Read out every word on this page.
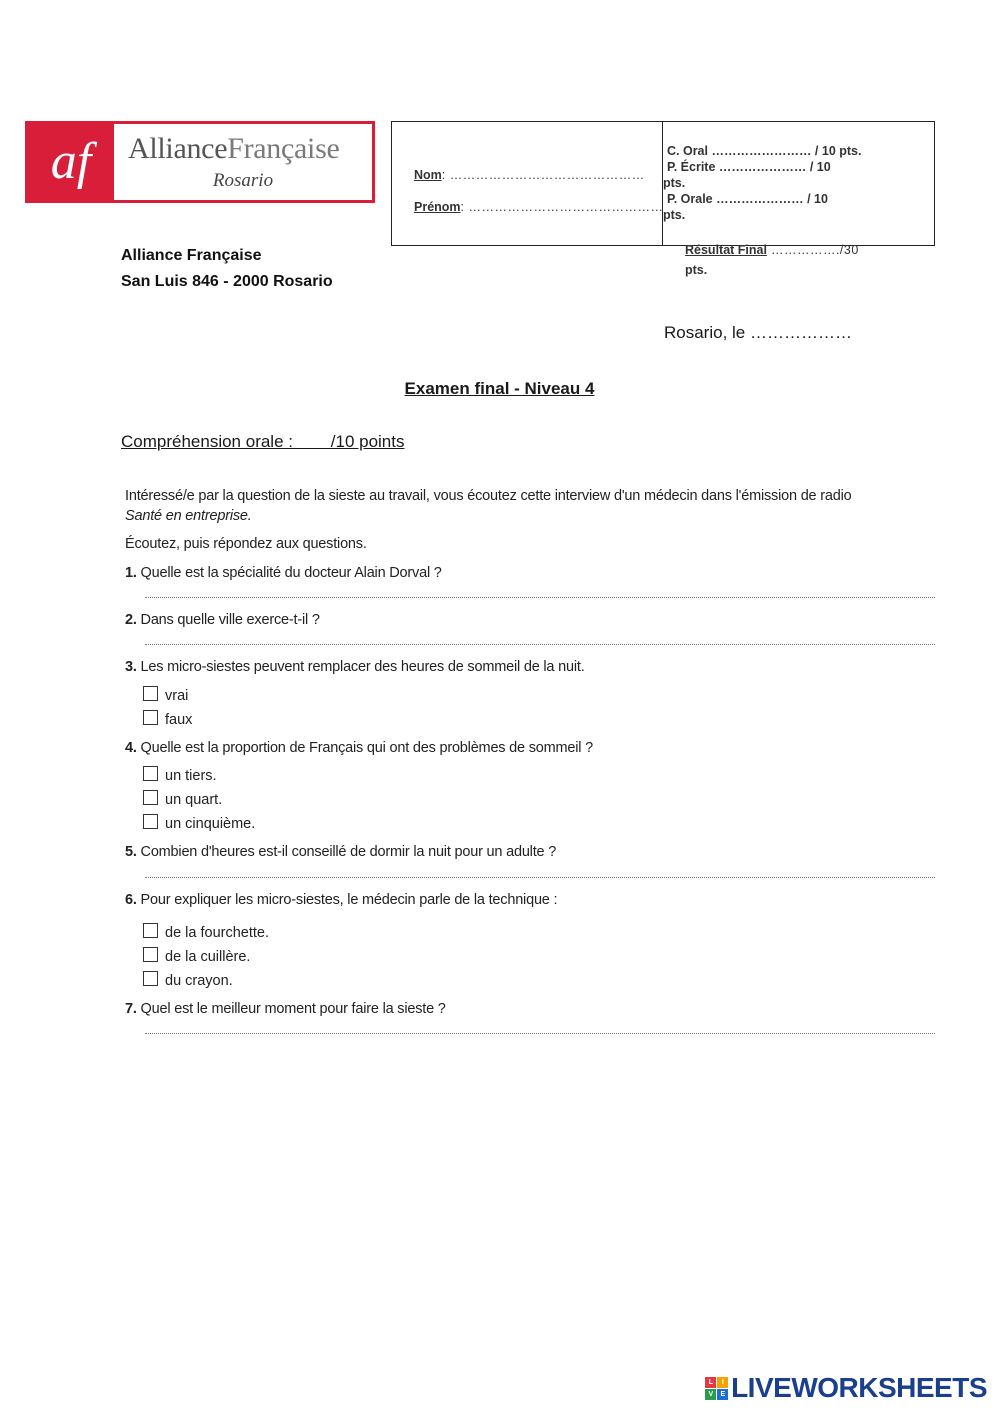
af	AllianceFrançaise
Rosario	Nom: ………………………………………
Prénom: ………………………………………
C. Oral …………………… / 10 pts.
P. Écrite ………………… / 10
pts.
P. Orale ………………… / 10
pts.
Résultat Final ……………./30
pts.
Alliance Française
San Luis 846 - 2000 Rosario
Rosario, le ………………
Examen final - Niveau 4
Compréhension orale :        /10 points
Intéressé/e par la question de la sieste au travail, vous écoutez cette interview d'un médecin dans l'émission de radio
Santé en entreprise.
Écoutez, puis répondez aux questions.
1. Quelle est la spécialité du docteur Alain Dorval ?
2. Dans quelle ville exerce-t-il ?
3. Les micro-siestes peuvent remplacer des heures de sommeil de la nuit.
vrai
faux
4. Quelle est la proportion de Français qui ont des problèmes de sommeil ?
un tiers.
un quart.
un cinquième.
5. Combien d'heures est-il conseillé de dormir la nuit pour un adulte ?
6. Pour expliquer les micro-siestes, le médecin parle de la technique :
de la fourchette.
de la cuillère.
du crayon.
7. Quel est le meilleur moment pour faire la sieste ?
L	I
V	E LIVEWORKSHEETS
